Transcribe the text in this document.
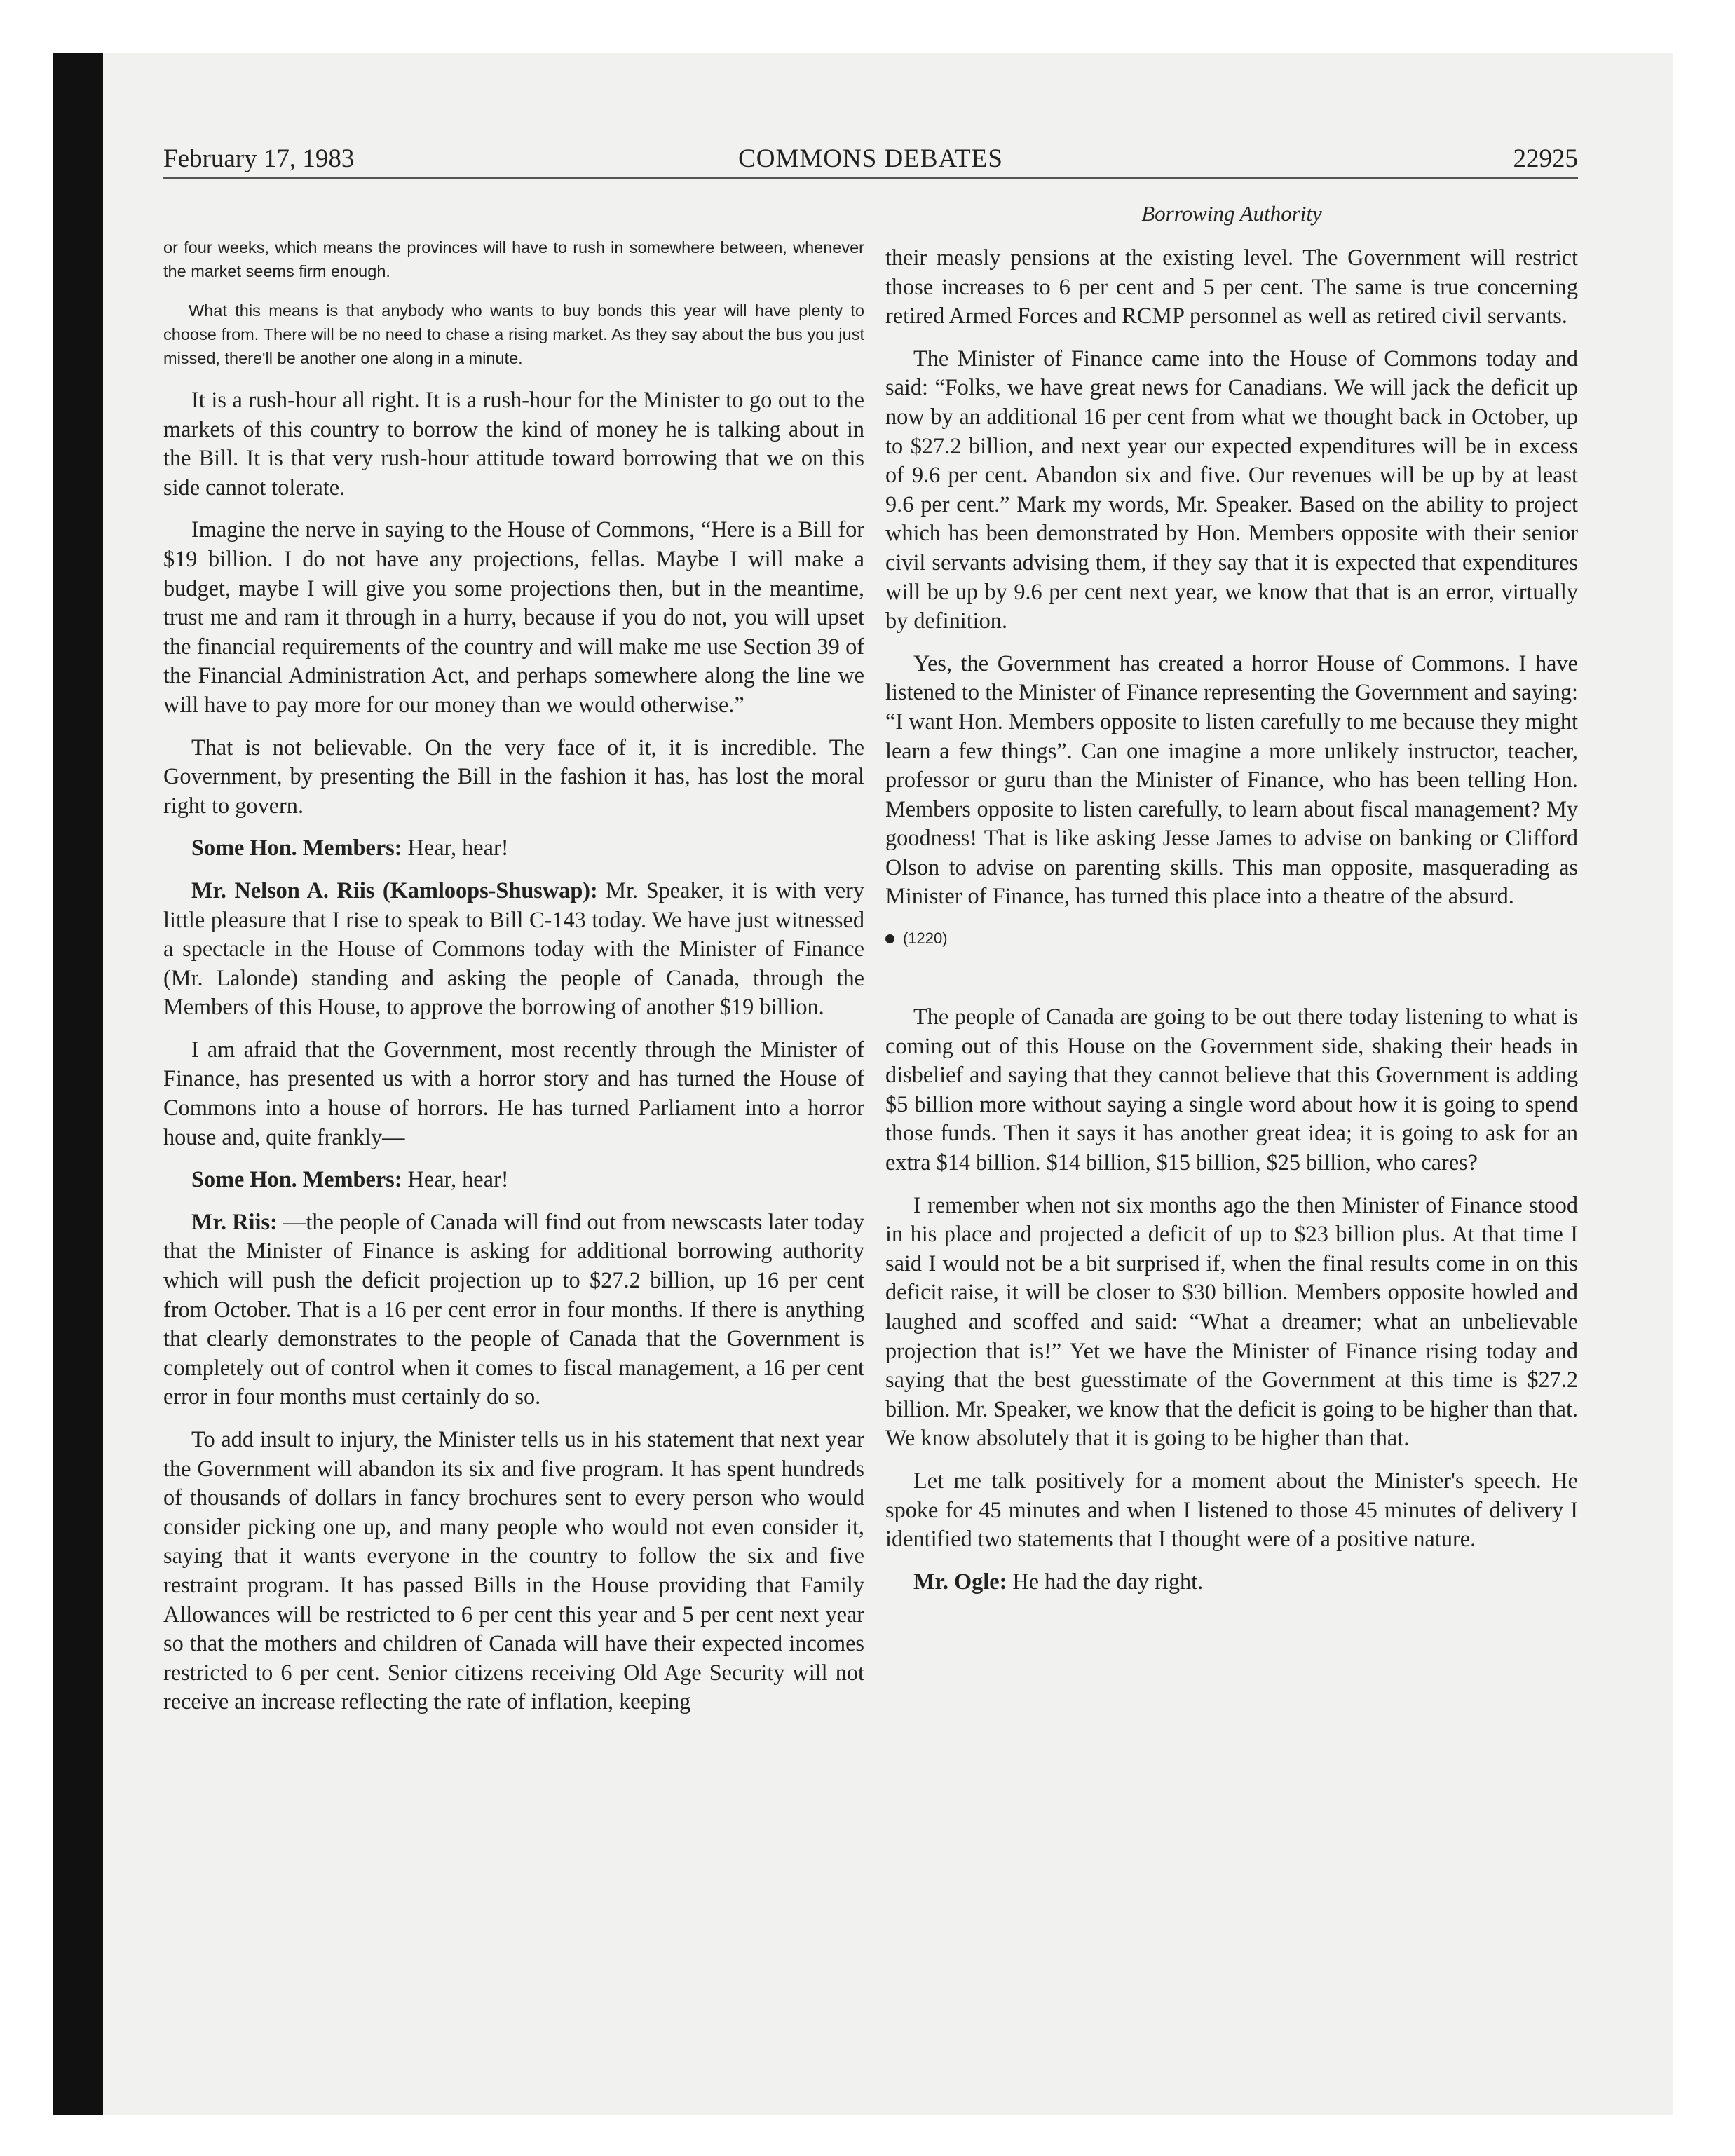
February 17, 1983	COMMONS DEBATES	22925

or four weeks, which means the provinces will have to rush in somewhere between, whenever the market seems firm enough.

What this means is that anybody who wants to buy bonds this year will have plenty to choose from. There will be no need to chase a rising market. As they say about the bus you just missed, there'll be another one along in a minute.

It is a rush-hour all right. It is a rush-hour for the Minister to go out to the markets of this country to borrow the kind of money he is talking about in the Bill. It is that very rush-hour attitude toward borrowing that we on this side cannot tolerate.

Imagine the nerve in saying to the House of Commons, “Here is a Bill for $19 billion. I do not have any projections, fellas. Maybe I will make a budget, maybe I will give you some projections then, but in the meantime, trust me and ram it through in a hurry, because if you do not, you will upset the financial requirements of the country and will make me use Section 39 of the Financial Administration Act, and perhaps somewhere along the line we will have to pay more for our money than we would otherwise.”

That is not believable. On the very face of it, it is incredible. The Government, by presenting the Bill in the fashion it has, has lost the moral right to govern.

Some Hon. Members: Hear, hear!

Mr. Nelson A. Riis (Kamloops-Shuswap): Mr. Speaker, it is with very little pleasure that I rise to speak to Bill C-143 today. We have just witnessed a spectacle in the House of Commons today with the Minister of Finance (Mr. Lalonde) standing and asking the people of Canada, through the Members of this House, to approve the borrowing of another $19 billion.

I am afraid that the Government, most recently through the Minister of Finance, has presented us with a horror story and has turned the House of Commons into a house of horrors. He has turned Parliament into a horror house and, quite frankly—

Some Hon. Members: Hear, hear!

Mr. Riis: —the people of Canada will find out from newscasts later today that the Minister of Finance is asking for additional borrowing authority which will push the deficit projection up to $27.2 billion, up 16 per cent from October. That is a 16 per cent error in four months. If there is anything that clearly demonstrates to the people of Canada that the Government is completely out of control when it comes to fiscal management, a 16 per cent error in four months must certainly do so.

To add insult to injury, the Minister tells us in his statement that next year the Government will abandon its six and five program. It has spent hundreds of thousands of dollars in fancy brochures sent to every person who would consider picking one up, and many people who would not even consider it, saying that it wants everyone in the country to follow the six and five restraint program. It has passed Bills in the House providing that Family Allowances will be restricted to 6 per cent this year and 5 per cent next year so that the mothers and children of Canada will have their expected incomes restricted to 6 per cent. Senior citizens receiving Old Age Security will not receive an increase reflecting the rate of inflation, keeping

Borrowing Authority

their measly pensions at the existing level. The Government will restrict those increases to 6 per cent and 5 per cent. The same is true concerning retired Armed Forces and RCMP personnel as well as retired civil servants.

The Minister of Finance came into the House of Commons today and said: “Folks, we have great news for Canadians. We will jack the deficit up now by an additional 16 per cent from what we thought back in October, up to $27.2 billion, and next year our expected expenditures will be in excess of 9.6 per cent. Abandon six and five. Our revenues will be up by at least 9.6 per cent.” Mark my words, Mr. Speaker. Based on the ability to project which has been demonstrated by Hon. Members opposite with their senior civil servants advising them, if they say that it is expected that expenditures will be up by 9.6 per cent next year, we know that that is an error, virtually by definition.

Yes, the Government has created a horror House of Commons. I have listened to the Minister of Finance representing the Government and saying: “I want Hon. Members opposite to listen carefully to me because they might learn a few things”. Can one imagine a more unlikely instructor, teacher, professor or guru than the Minister of Finance, who has been telling Hon. Members opposite to listen carefully, to learn about fiscal management? My goodness! That is like asking Jesse James to advise on banking or Clifford Olson to advise on parenting skills. This man opposite, masquerading as Minister of Finance, has turned this place into a theatre of the absurd.

(1220)

The people of Canada are going to be out there today listening to what is coming out of this House on the Government side, shaking their heads in disbelief and saying that they cannot believe that this Government is adding $5 billion more without saying a single word about how it is going to spend those funds. Then it says it has another great idea; it is going to ask for an extra $14 billion. $14 billion, $15 billion, $25 billion, who cares?

I remember when not six months ago the then Minister of Finance stood in his place and projected a deficit of up to $23 billion plus. At that time I said I would not be a bit surprised if, when the final results come in on this deficit raise, it will be closer to $30 billion. Members opposite howled and laughed and scoffed and said: “What a dreamer; what an unbelievable projection that is!” Yet we have the Minister of Finance rising today and saying that the best guesstimate of the Government at this time is $27.2 billion. Mr. Speaker, we know that the deficit is going to be higher than that. We know absolutely that it is going to be higher than that.

Let me talk positively for a moment about the Minister's speech. He spoke for 45 minutes and when I listened to those 45 minutes of delivery I identified two statements that I thought were of a positive nature.

Mr. Ogle: He had the day right.
